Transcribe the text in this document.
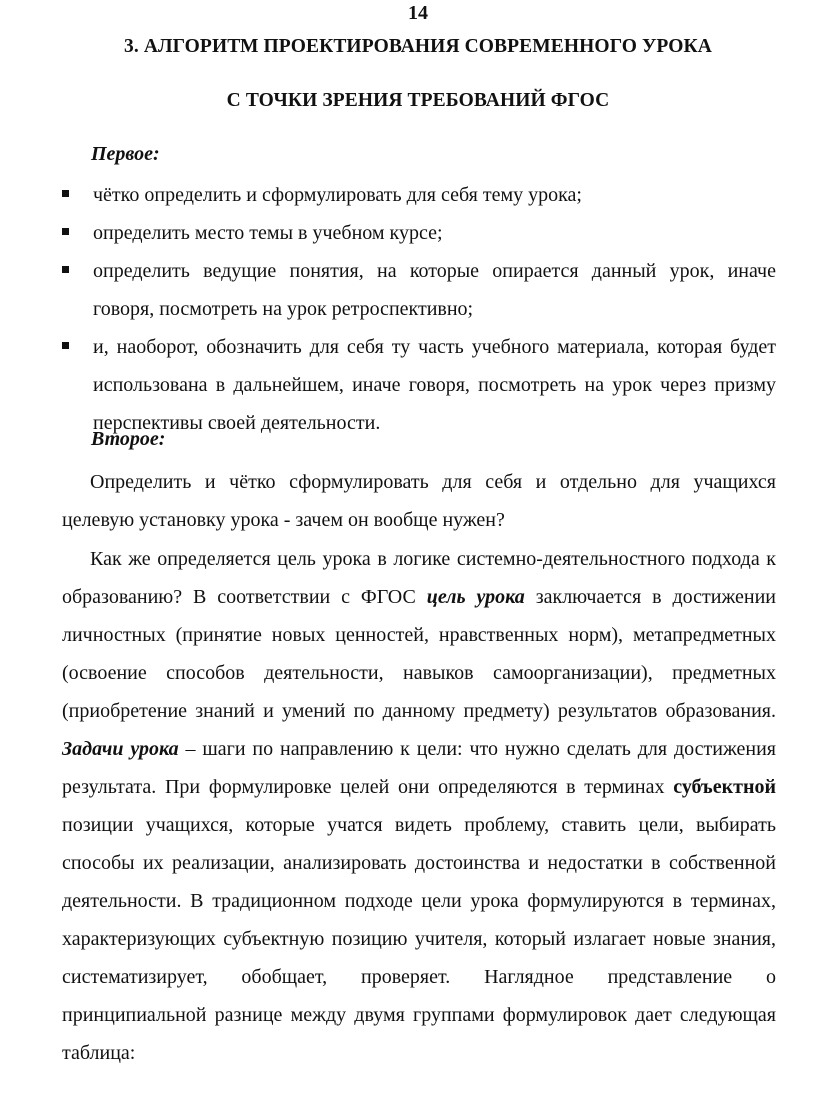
14
3. АЛГОРИТМ ПРОЕКТИРОВАНИЯ СОВРЕМЕННОГО УРОКА
С ТОЧКИ ЗРЕНИЯ ТРЕБОВАНИЙ ФГОС
Первое:
чётко определить и сформулировать для себя тему урока;
определить место темы в учебном курсе;
определить ведущие понятия, на которые опирается данный урок, иначе говоря, посмотреть на урок ретроспективно;
и, наоборот, обозначить для себя ту часть учебного материала, которая будет использована в дальнейшем, иначе говоря, посмотреть на урок через призму перспективы своей деятельности.
Второе:
Определить и чётко сформулировать для себя и отдельно для учащихся целевую установку урока - зачем он вообще нужен?
Как же определяется цель урока в логике системно-деятельностного подхода к образованию? В соответствии с ФГОС цель урока заключается в достижении личностных (принятие новых ценностей, нравственных норм), метапредметных (освоение способов деятельности, навыков самоорганизации), предметных (приобретение знаний и умений по данному предмету) результатов образования. Задачи урока – шаги по направлению к цели: что нужно сделать для достижения результата. При формулировке целей они определяются в терминах субъектной позиции учащихся, которые учатся видеть проблему, ставить цели, выбирать способы их реализации, анализировать достоинства и недостатки в собственной деятельности. В традиционном подходе цели урока формулируются в терминах, характеризующих субъектную позицию учителя, который излагает новые знания, систематизирует, обобщает, проверяет. Наглядное представление о принципиальной разнице между двумя группами формулировок дает следующая таблица:
